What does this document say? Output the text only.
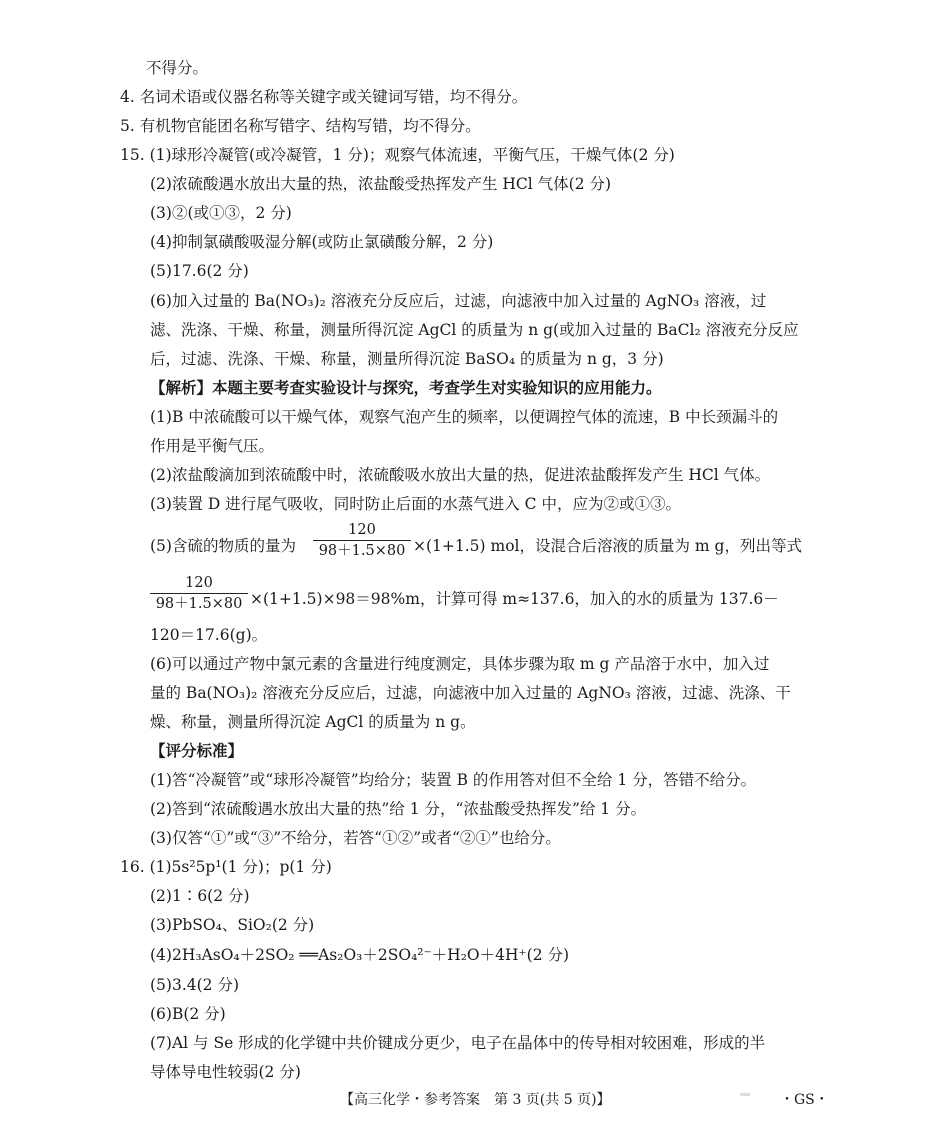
不得分。
4. 名词术语或仪器名称等关键字或关键词写错，均不得分。
5. 有机物官能团名称写错字、结构写错，均不得分。
15. (1)球形冷凝管(或冷凝管，1 分)；观察气体流速，平衡气压，干燥气体(2 分)
(2)浓硫酸遇水放出大量的热，浓盐酸受热挥发产生 HCl 气体(2 分)
(3)②(或①③，2 分)
(4)抑制氯磺酸吸湿分解(或防止氯磺酸分解，2 分)
(5)17.6(2 分)
(6)加入过量的 Ba(NO₃)₂ 溶液充分反应后，过滤，向滤液中加入过量的 AgNO₃ 溶液，过
滤、洗涤、干燥、称量，测量所得沉淀 AgCl 的质量为 n g(或加入过量的 BaCl₂ 溶液充分反应
后，过滤、洗涤、干燥、称量，测量所得沉淀 BaSO₄ 的质量为 n g，3 分)
【解析】本题主要考查实验设计与探究，考查学生对实验知识的应用能力。
(1)B 中浓硫酸可以干燥气体，观察气泡产生的频率，以便调控气体的流速，B 中长颈漏斗的
作用是平衡气压。
(2)浓盐酸滴加到浓硫酸中时，浓硫酸吸水放出大量的热，促进浓盐酸挥发产生 HCl 气体。
(3)装置 D 进行尾气吸收，同时防止后面的水蒸气进入 C 中，应为②或①③。
(5)含硫的物质的量为
120
98＋1.5×80 ×(1+1.5) mol，设混合后溶液的质量为 m g，列出等式
120
98＋1.5×80 ×(1+1.5)×98＝98%m，计算可得 m≈137.6，加入的水的质量为 137.6－
120＝17.6(g)。
(6)可以通过产物中氯元素的含量进行纯度测定，具体步骤为取 m g 产品溶于水中，加入过
量的 Ba(NO₃)₂ 溶液充分反应后，过滤，向滤液中加入过量的 AgNO₃ 溶液，过滤、洗涤、干
燥、称量，测量所得沉淀 AgCl 的质量为 n g。
【评分标准】
(1)答“冷凝管”或“球形冷凝管”均给分；装置 B 的作用答对但不全给 1 分，答错不给分。
(2)答到“浓硫酸遇水放出大量的热”给 1 分，“浓盐酸受热挥发”给 1 分。
(3)仅答“①”或“③”不给分，若答“①②”或者“②①”也给分。
16. (1)5s²5p¹(1 分)；p(1 分)
(2)1∶6(2 分)
(3)PbSO₄、SiO₂(2 分)
(4)2H₃AsO₄＋2SO₂ ══As₂O₃＋2SO₄²⁻＋H₂O＋4H⁺(2 分)
(5)3.4(2 分)
(6)B(2 分)
(7)Al 与 Se 形成的化学键中共价键成分更少，电子在晶体中的传导相对较困难，形成的半
导体导电性较弱(2 分)
【高三化学・参考答案　第 3 页(共 5 页)】	・GS・
